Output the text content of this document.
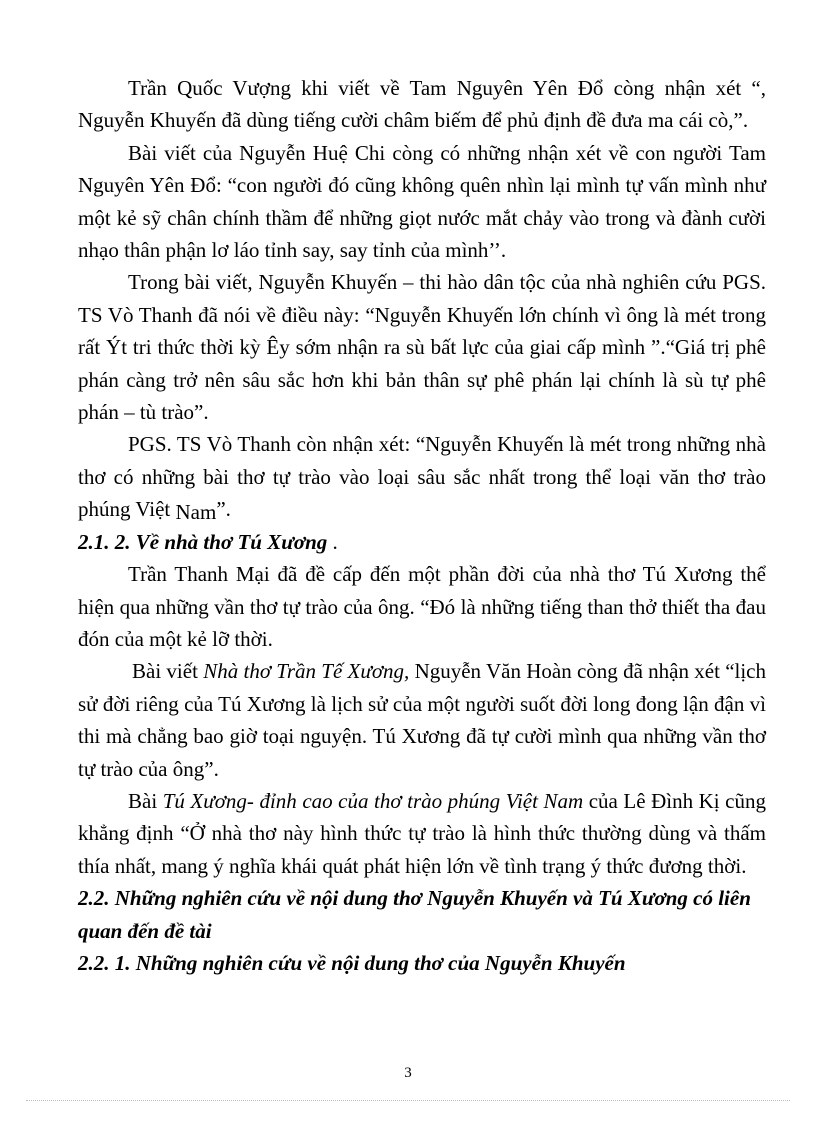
Trần Quốc Vượng khi viết về Tam Nguyên Yên Đổ còng nhận xét “, Nguyễn Khuyến đã dùng tiếng cười châm biếm để phủ định đề đưa ma cái cò,”.

Bài viết của Nguyễn Huệ Chi còng có những nhận xét về con người Tam Nguyên Yên Đổ: “con người đó cũng không quên nhìn lại mình tự vấn mình như một kẻ sỹ chân chính thầm để những giọt nước mắt chảy vào trong và đành cười nhạo thân phận lơ láo tỉnh say, say tỉnh của mình’’.

Trong bài viết, Nguyễn Khuyến – thi hào dân tộc của nhà nghiên cứu PGS. TS Vò Thanh đã nói về điều này: “Nguyễn Khuyến lớn chính vì ông là mét trong rất Ýt tri thức thời kỳ Êy sớm nhận ra sù bất lực của giai cấp mình ”.“Giá trị phê phán càng trở nên sâu sắc hơn khi bản thân sự phê phán lại chính là sù tự phê phán – tù trào”.

PGS. TS Vò Thanh còn nhận xét: “Nguyễn Khuyến là mét trong những nhà thơ có những bài thơ tự trào vào loại sâu sắc nhất trong thể loại văn thơ trào phúng Việt Nam”.

2.1. 2. Về nhà thơ Tú Xương .

Trần Thanh Mại đã đề cấp đến một phần đời của nhà thơ Tú Xương thể hiện qua những vần thơ tự trào của ông. “Đó là những tiếng than thở thiết tha đau đón của một kẻ lỡ thời.

Bài viết Nhà thơ Trần Tế Xương, Nguyễn Văn Hoàn còng đã nhận xét “lịch sử đời riêng của Tú Xương là lịch sử của một người suốt đời long đong lận đận vì thi mà chẳng bao giờ toại nguyện. Tú Xương đã tự cười mình qua những vần thơ tự trào của ông”.

Bài Tú Xương- đỉnh cao của thơ trào phúng Việt Nam của Lê Đình Kị cũng khẳng định “Ở nhà thơ này hình thức tự trào là hình thức thường dùng và thấm thía nhất, mang ý nghĩa khái quát phát hiện lớn về tình trạng ý thức đương thời.

2.2. Những nghiên cứu về nội dung thơ Nguyễn Khuyến và Tú Xương có liên quan đến đề tài

2.2. 1. Những nghiên cứu về nội dung thơ của Nguyễn Khuyến

3
